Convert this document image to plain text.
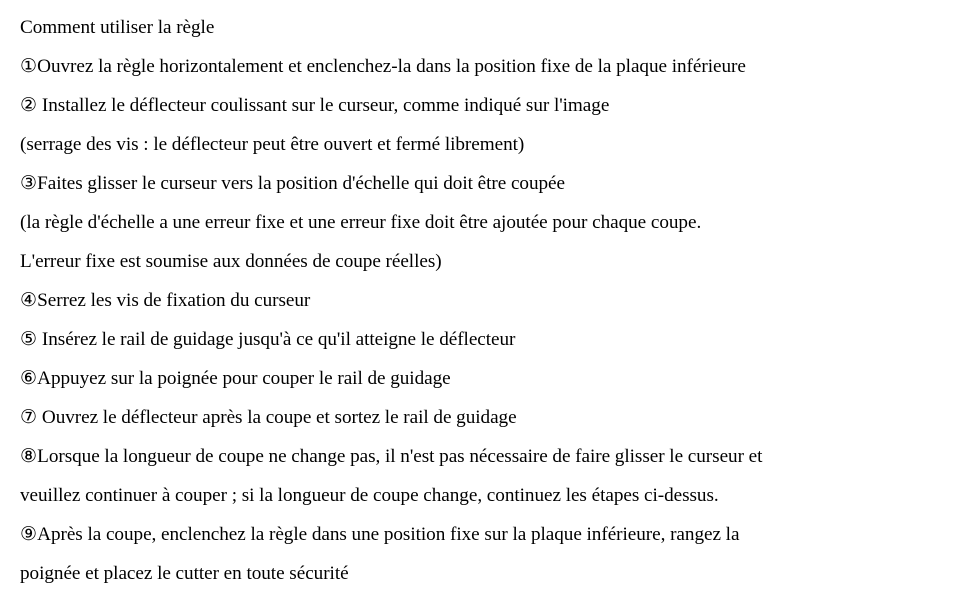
Comment utiliser la règle
①Ouvrez la règle horizontalement et enclenchez-la dans la position fixe de la plaque inférieure
② Installez le déflecteur coulissant sur le curseur, comme indiqué sur l'image
(serrage des vis : le déflecteur peut être ouvert et fermé librement)
③Faites glisser le curseur vers la position d'échelle qui doit être coupée
(la règle d'échelle a une erreur fixe et une erreur fixe doit être ajoutée pour chaque coupe.
L'erreur fixe est soumise aux données de coupe réelles)
④Serrez les vis de fixation du curseur
⑤ Insérez le rail de guidage jusqu'à ce qu'il atteigne le déflecteur
⑥Appuyez sur la poignée pour couper le rail de guidage
⑦ Ouvrez le déflecteur après la coupe et sortez le rail de guidage
⑧Lorsque la longueur de coupe ne change pas, il n'est pas nécessaire de faire glisser le curseur et
veuillez continuer à couper ; si la longueur de coupe change, continuez les étapes ci-dessus.
⑨Après la coupe, enclenchez la règle dans une position fixe sur la plaque inférieure, rangez la
poignée et placez le cutter en toute sécurité
